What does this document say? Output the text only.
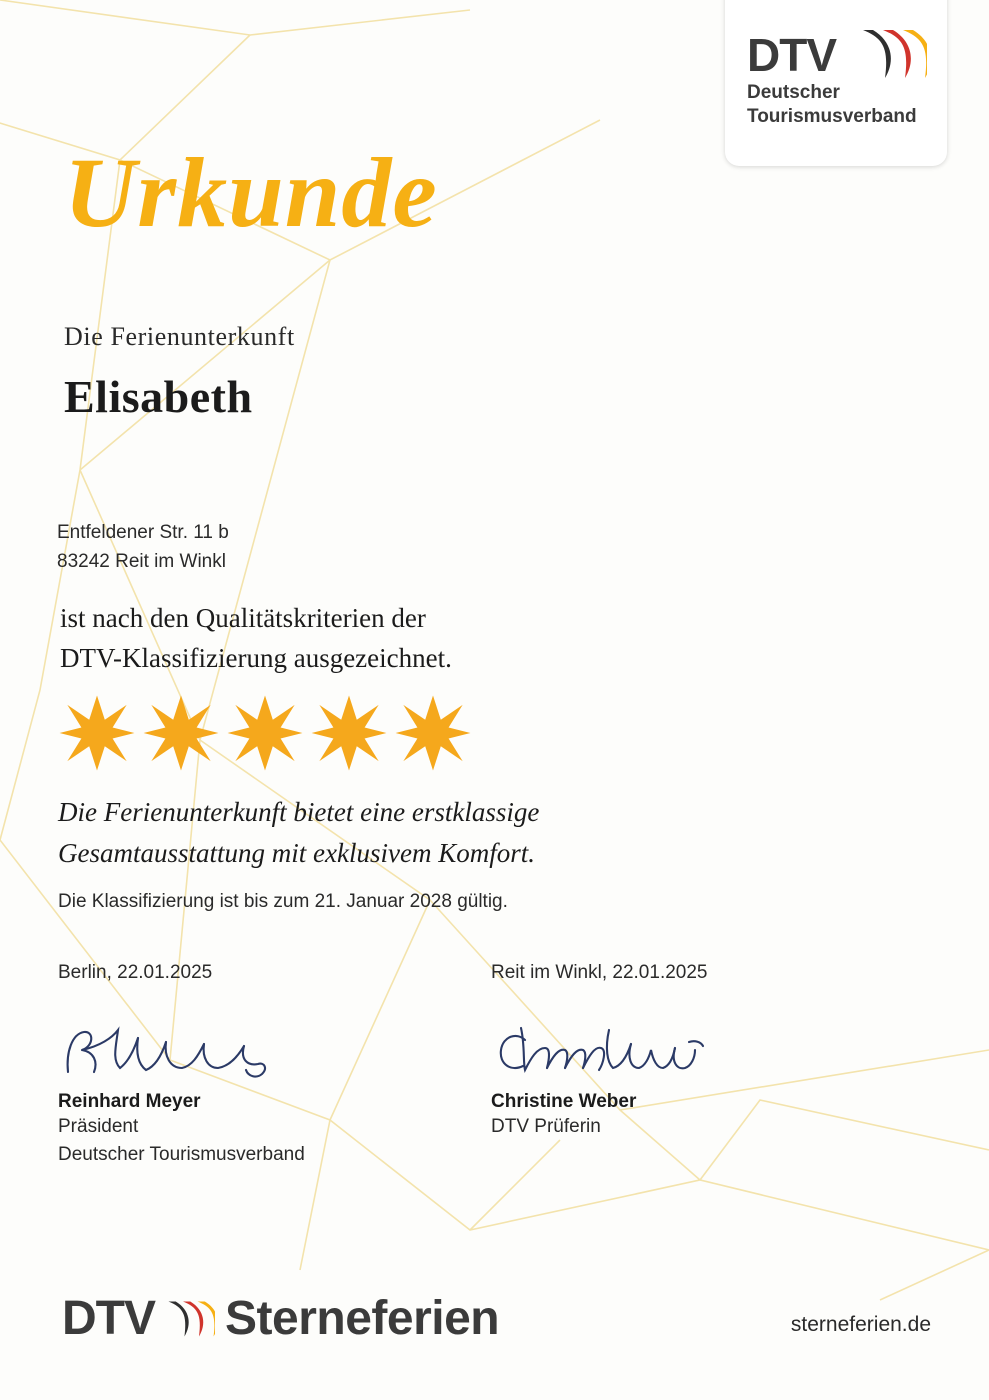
DTV
Deutscher
Tourismusverband
Urkunde
Die Ferienunterkunft
Elisabeth
Entfeldener Str. 11 b
83242 Reit im Winkl
ist nach den Qualitätskriterien der
DTV-Klassifizierung ausgezeichnet.
Die Ferienunterkunft bietet eine erstklassige
Gesamtausstattung mit exklusivem Komfort.
Die Klassifizierung ist bis zum 21. Januar 2028 gültig.
Berlin, 22.01.2025
Reinhard Meyer
Präsident
Deutscher Tourismusverband
Reit im Winkl, 22.01.2025
Christine Weber
DTV Prüferin
DTV Sterneferien	sterneferien.de
